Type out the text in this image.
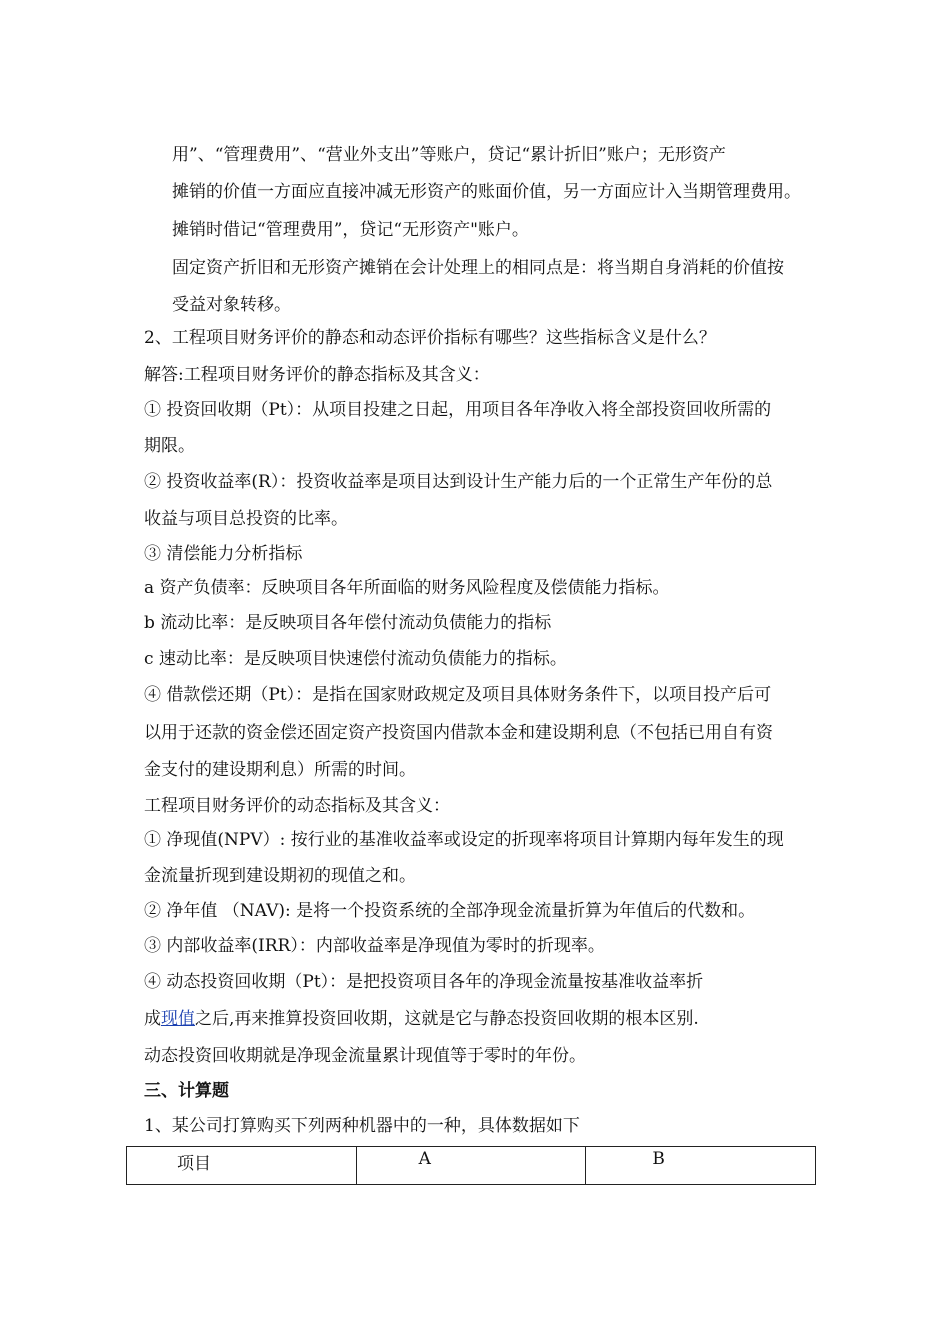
用”、“管理费用”、“营业外支出”等账户，贷记“累计折旧”账户；无形资产
摊销的价值一方面应直接冲减无形资产的账面价值，另一方面应计入当期管理费用。
摊销时借记“管理费用”，贷记“无形资产"账户。
固定资产折旧和无形资产摊销在会计处理上的相同点是：将当期自身消耗的价值按
受益对象转移。
2、工程项目财务评价的静态和动态评价指标有哪些？这些指标含义是什么？
解答:工程项目财务评价的静态指标及其含义：
① 投资回收期（Pt）：从项目投建之日起，用项目各年净收入将全部投资回收所需的
期限。
② 投资收益率(R）：投资收益率是项目达到设计生产能力后的一个正常生产年份的总
收益与项目总投资的比率。
③ 清偿能力分析指标
a 资产负债率：反映项目各年所面临的财务风险程度及偿债能力指标。
b 流动比率：是反映项目各年偿付流动负债能力的指标
c 速动比率：是反映项目快速偿付流动负债能力的指标。
④ 借款偿还期（Pt）：是指在国家财政规定及项目具体财务条件下，以项目投产后可
以用于还款的资金偿还固定资产投资国内借款本金和建设期利息（不包括已用自有资
金支付的建设期利息）所需的时间。
工程项目财务评价的动态指标及其含义：
① 净现值(NPV）: 按行业的基准收益率或设定的折现率将项目计算期内每年发生的现
金流量折现到建设期初的现值之和。
② 净年值 （NAV): 是将一个投资系统的全部净现金流量折算为年值后的代数和。
③ 内部收益率(IRR）：内部收益率是净现值为零时的折现率。
④ 动态投资回收期（Pt）：是把投资项目各年的净现金流量按基准收益率折
成现值之后,再来推算投资回收期，这就是它与静态投资回收期的根本区别.
动态投资回收期就是净现金流量累计现值等于零时的年份。
三、计算题
1、某公司打算购买下列两种机器中的一种，具体数据如下
项目	A	B
